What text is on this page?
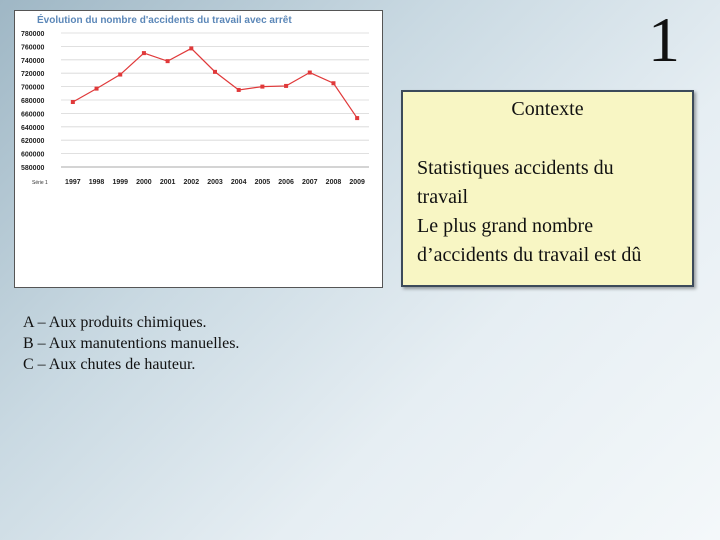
Évolution du nombre d'accidents du travail avec arrêt
780000
760000
740000
720000
700000
680000
660000
640000
620000
600000
580000
1997 1998 1999 2000 2001 2002 2003 2004 2005 2006 2007 2008 2009
Série 1
1
Contexte
Statistiques accidents du
travail
Le plus grand nombre
d’accidents du travail est dû
A – Aux produits chimiques.
B – Aux manutentions manuelles.
C – Aux chutes de hauteur.
